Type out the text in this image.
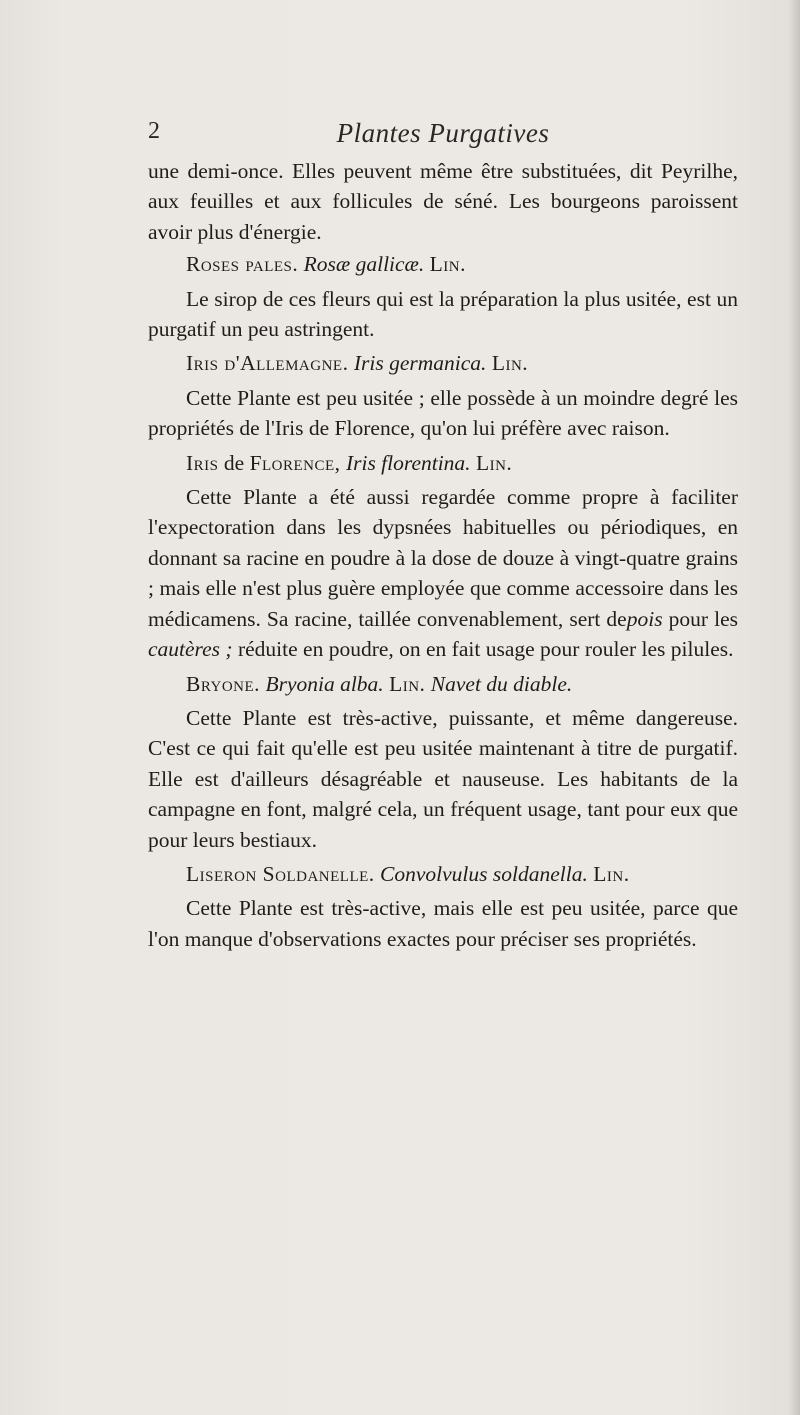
2	Plantes Purgatives

une demi-once. Elles peuvent même être substituées, dit Peyrilhe, aux feuilles et aux follicules de séné. Les bourgeons paroissent avoir plus d'énergie.

Roses pales. Rosæ gallicæ. Lin.

Le sirop de ces fleurs qui est la préparation la plus usitée, est un purgatif un peu astringent.

Iris d'Allemagne. Iris germanica. Lin.

Cette Plante est peu usitée ; elle possède à un moindre degré les propriétés de l'Iris de Florence, qu'on lui préfère avec raison.

Iris de Florence, Iris florentina. Lin.

Cette Plante a été aussi regardée comme propre à faciliter l'expectoration dans les dypsnées habituelles ou périodiques, en donnant sa racine en poudre à la dose de douze à vingt-quatre grains ; mais elle n'est plus guère employée que comme accessoire dans les médicamens. Sa racine, taillée convenablement, sert depois pour les cautères ; réduite en poudre, on en fait usage pour rouler les pilules.

Bryone. Bryonia alba. Lin. Navet du diable.

Cette Plante est très-active, puissante, et même dangereuse. C'est ce qui fait qu'elle est peu usitée maintenant à titre de purgatif. Elle est d'ailleurs désagréable et nauseuse. Les habitants de la campagne en font, malgré cela, un fréquent usage, tant pour eux que pour leurs bestiaux.

Liseron Soldanelle. Convolvulus soldanella. Lin.

Cette Plante est très-active, mais elle est peu usitée, parce que l'on manque d'observations exactes pour préciser ses propriétés.
